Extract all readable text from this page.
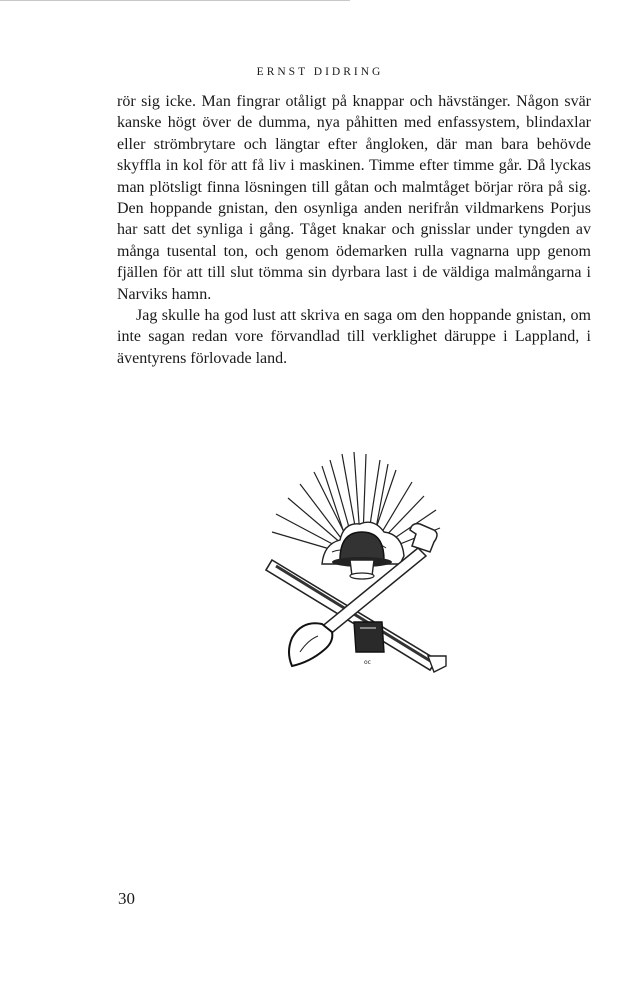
ERNST DIDRING

rör sig icke. Man fingrar otåligt på knappar och hävstänger. Någon svär kanske högt över de dumma, nya påhitten med enfassystem, blindaxlar eller strömbrytare och längtar efter ångloken, där man bara behövde skyffla in kol för att få liv i maskinen. Timme efter timme går. Då lyckas man plötsligt finna lösningen till gåtan och malmtåget börjar röra på sig. Den hoppande gnistan, den osynliga anden nerifrån vildmarkens Porjus har satt det synliga i gång. Tåget knakar och gnisslar under tyngden av många tusental ton, och genom ödemarken rulla vagnarna upp genom fjällen för att till slut tömma sin dyrbara last i de väldiga malmångarna i Narviks hamn.

Jag skulle ha god lust att skriva en saga om den hoppande gnistan, om inte sagan redan vore förvandlad till verklighet däruppe i Lappland, i äventyrens förlovade land.

oc
30
